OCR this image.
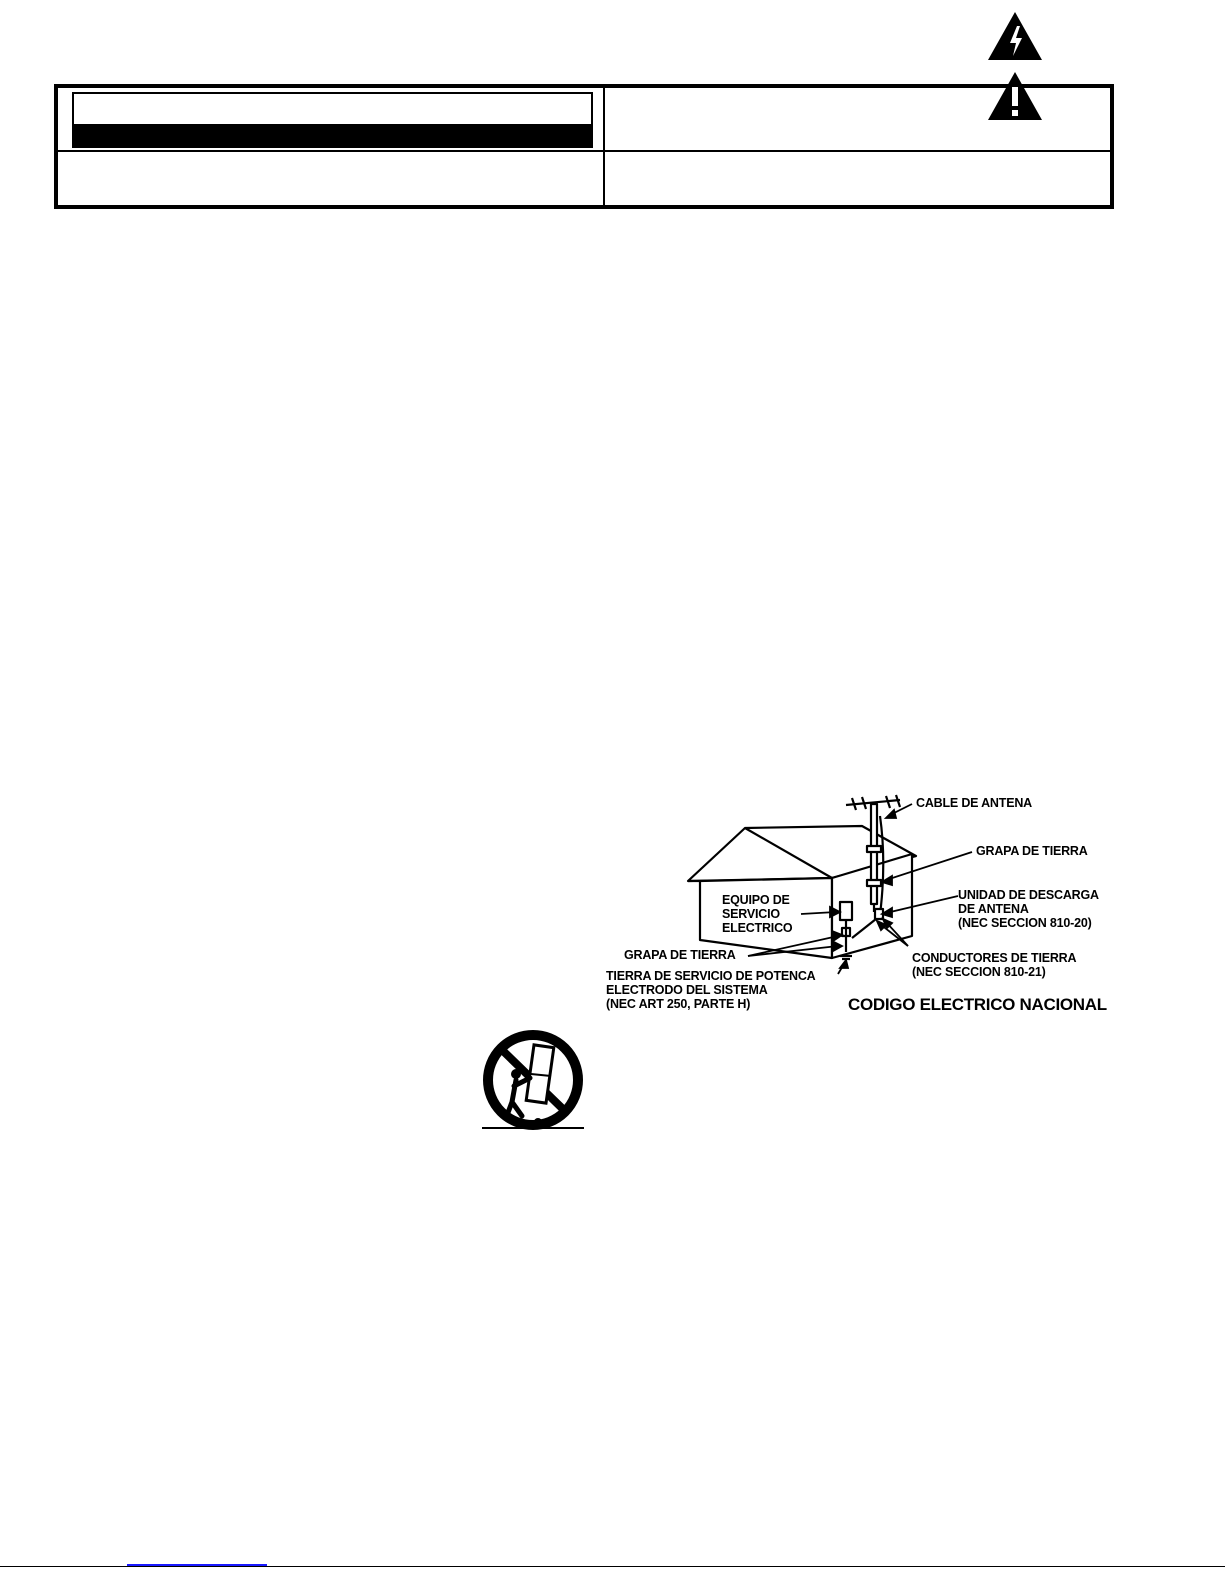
CABLE DE ANTENA

GRAPA DE TIERRA

UNIDAD DE DESCARGA
DE ANTENA
(NEC SECCION 810-20)

EQUIPO DE
SERVICIO
ELECTRICO

GRAPA DE TIERRA	CONDUCTORES DE TIERRA
(NEC SECCION 810-21)

TIERRA DE SERVICIO DE POTENCA
ELECTRODO DEL SISTEMA
(NEC ART 250, PARTE H)	CODIGO ELECTRICO NACIONAL
